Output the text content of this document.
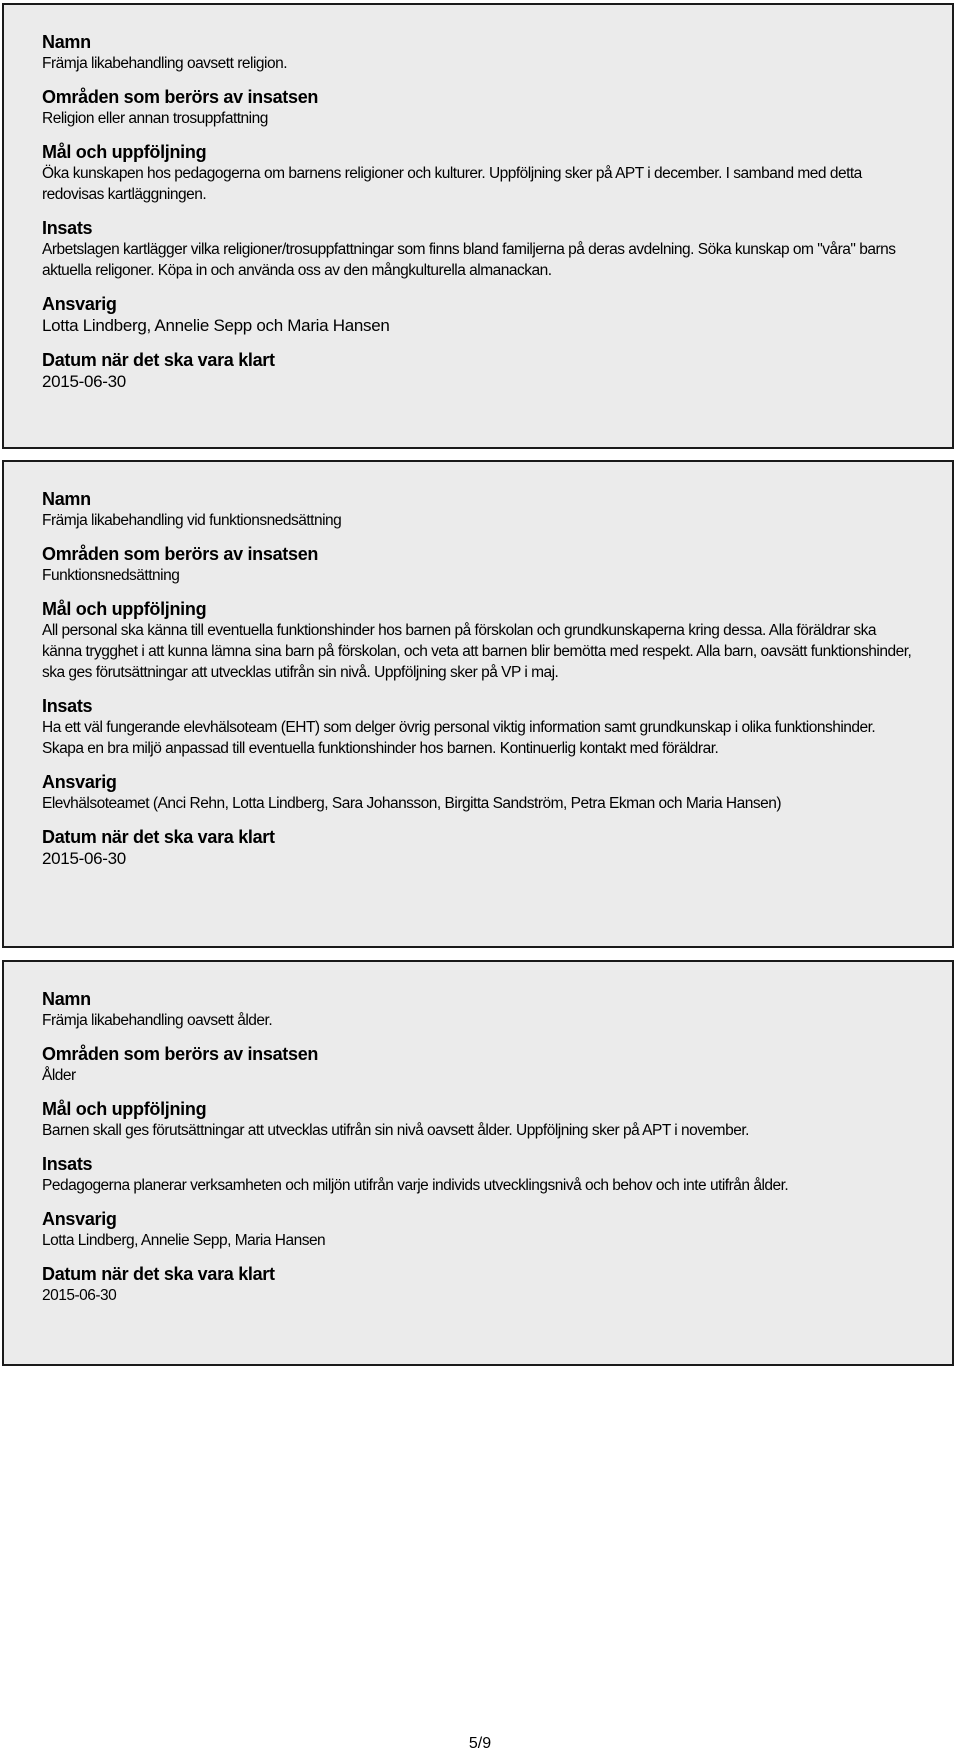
Namn
Främja likabehandling oavsett religion.
Områden som berörs av insatsen
Religion eller annan trosuppfattning
Mål och uppföljning
Öka kunskapen hos pedagogerna om barnens religioner och kulturer. Uppföljning sker på APT i december. I samband med detta redovisas kartläggningen.
Insats
Arbetslagen kartlägger vilka religioner/trosuppfattningar som finns bland familjerna på deras avdelning. Söka kunskap om "våra" barns aktuella religoner. Köpa in och använda oss av den mångkulturella almanackan.
Ansvarig
Lotta Lindberg, Annelie Sepp och Maria Hansen
Datum när det ska vara klart
2015-06-30
Namn
Främja likabehandling vid funktionsnedsättning
Områden som berörs av insatsen
Funktionsnedsättning
Mål och uppföljning
All personal ska känna till eventuella funktionshinder hos barnen på förskolan och grundkunskaperna kring dessa. Alla föräldrar ska känna trygghet i att kunna lämna sina barn på förskolan, och veta att barnen blir bemötta med respekt. Alla barn, oavsätt funktionshinder, ska ges förutsättningar att utvecklas utifrån sin nivå. Uppföljning sker på VP i maj.
Insats
Ha ett väl fungerande elevhälsoteam (EHT) som delger övrig personal viktig information samt grundkunskap i olika funktionshinder. Skapa en bra miljö anpassad till eventuella funktionshinder hos barnen. Kontinuerlig kontakt med föräldrar.
Ansvarig
Elevhälsoteamet (Anci Rehn, Lotta Lindberg, Sara Johansson, Birgitta Sandström, Petra Ekman och Maria Hansen)
Datum när det ska vara klart
2015-06-30
Namn
Främja likabehandling oavsett ålder.
Områden som berörs av insatsen
Ålder
Mål och uppföljning
Barnen skall ges förutsättningar att utvecklas utifrån sin nivå oavsett ålder. Uppföljning sker på APT i november.
Insats
Pedagogerna planerar verksamheten och miljön utifrån varje individs utvecklingsnivå och behov och inte utifrån ålder.
Ansvarig
Lotta Lindberg, Annelie Sepp, Maria Hansen
Datum när det ska vara klart
2015-06-30
5/9
